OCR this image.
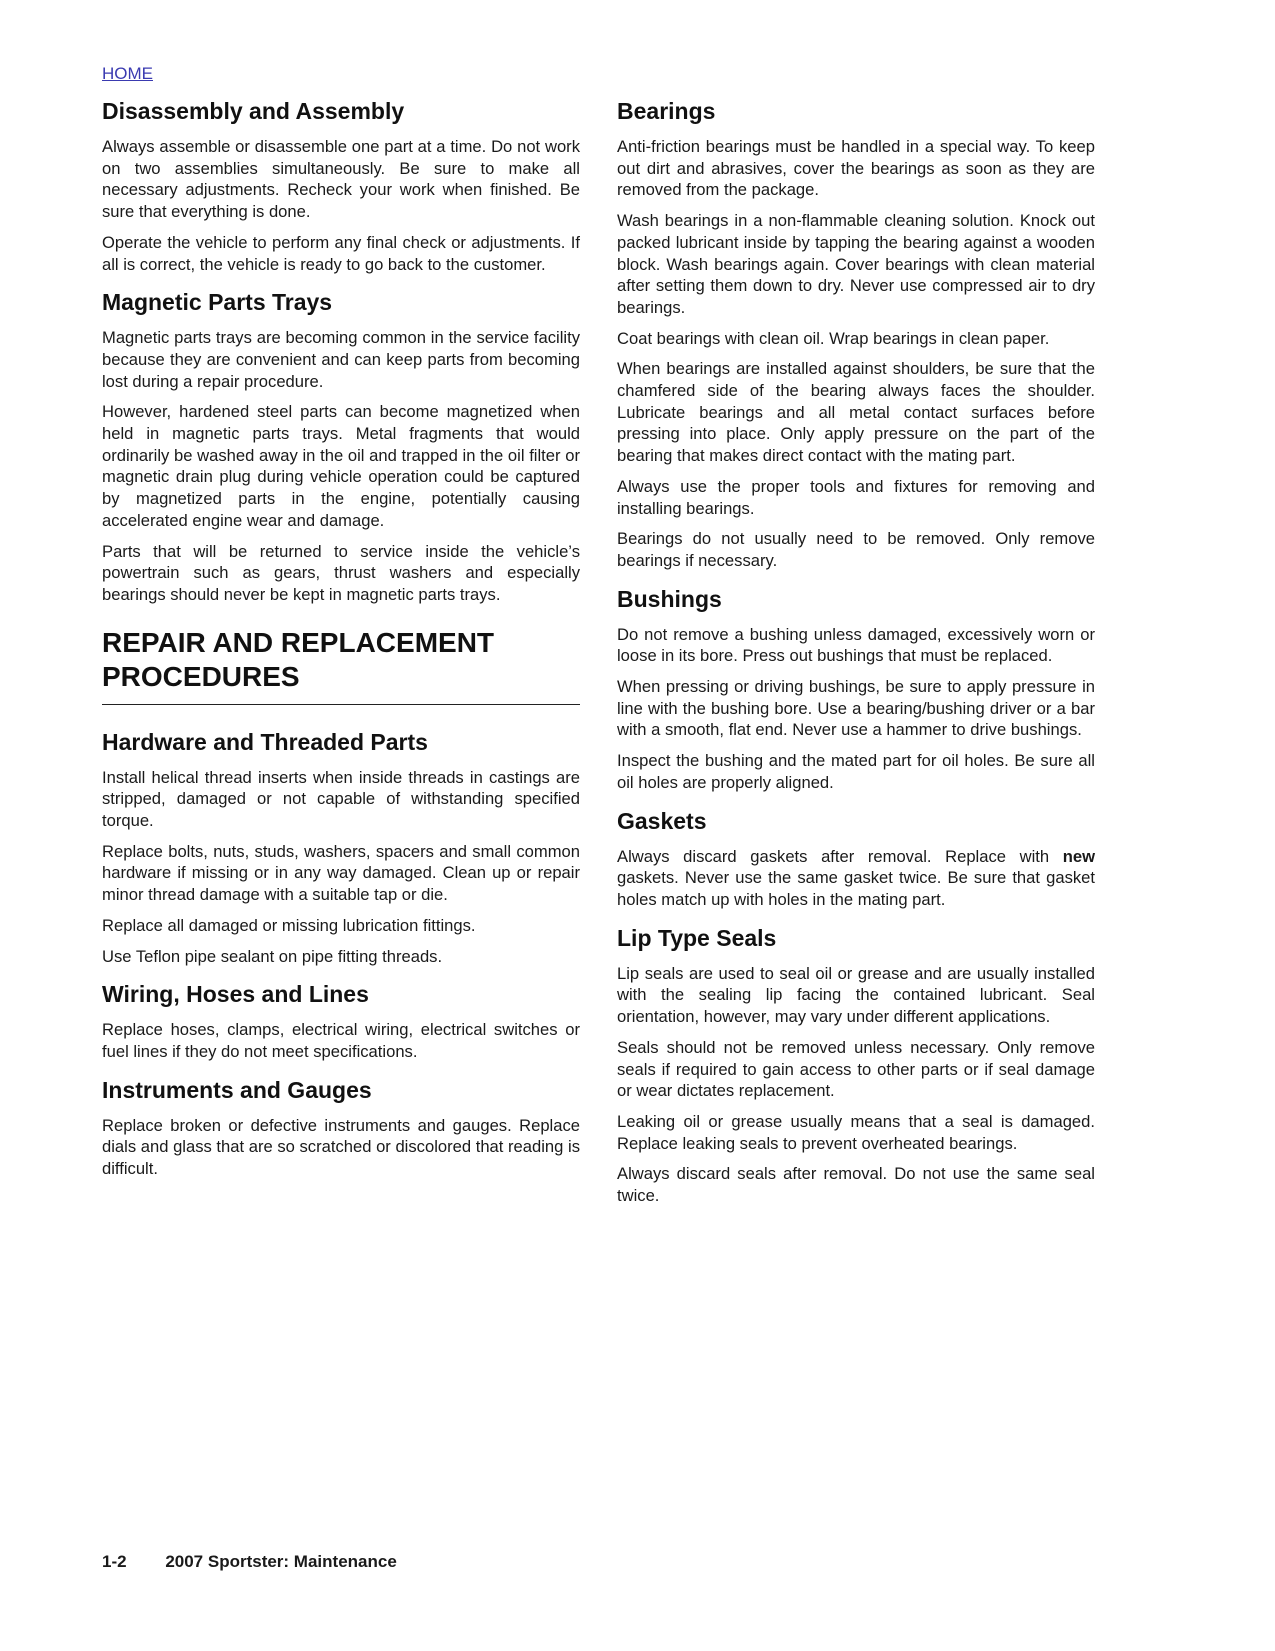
HOME
Disassembly and Assembly

Always assemble or disassemble one part at a time. Do not work on two assemblies simultaneously. Be sure to make all necessary adjustments. Recheck your work when finished. Be sure that everything is done.

Operate the vehicle to perform any final check or adjustments. If all is correct, the vehicle is ready to go back to the customer.

Magnetic Parts Trays

Magnetic parts trays are becoming common in the service facility because they are convenient and can keep parts from becoming lost during a repair procedure.

However, hardened steel parts can become magnetized when held in magnetic parts trays. Metal fragments that would ordinarily be washed away in the oil and trapped in the oil filter or magnetic drain plug during vehicle operation could be captured by magnetized parts in the engine, potentially causing accelerated engine wear and damage.

Parts that will be returned to service inside the vehicle’s powertrain such as gears, thrust washers and especially bearings should never be kept in magnetic parts trays.

REPAIR AND REPLACEMENT
PROCEDURES
Hardware and Threaded Parts

Install helical thread inserts when inside threads in castings are stripped, damaged or not capable of withstanding specified torque.

Replace bolts, nuts, studs, washers, spacers and small common hardware if missing or in any way damaged. Clean up or repair minor thread damage with a suitable tap or die.

Replace all damaged or missing lubrication fittings.

Use Teflon pipe sealant on pipe fitting threads.

Wiring, Hoses and Lines

Replace hoses, clamps, electrical wiring, electrical switches or fuel lines if they do not meet specifications.

Instruments and Gauges

Replace broken or defective instruments and gauges. Replace dials and glass that are so scratched or discolored that reading is difficult.

Bearings

Anti-friction bearings must be handled in a special way. To keep out dirt and abrasives, cover the bearings as soon as they are removed from the package.

Wash bearings in a non-flammable cleaning solution. Knock out packed lubricant inside by tapping the bearing against a wooden block. Wash bearings again. Cover bearings with clean material after setting them down to dry. Never use compressed air to dry bearings.

Coat bearings with clean oil. Wrap bearings in clean paper.

When bearings are installed against shoulders, be sure that the chamfered side of the bearing always faces the shoulder. Lubricate bearings and all metal contact surfaces before pressing into place. Only apply pressure on the part of the bearing that makes direct contact with the mating part.

Always use the proper tools and fixtures for removing and installing bearings.

Bearings do not usually need to be removed. Only remove bearings if necessary.

Bushings

Do not remove a bushing unless damaged, excessively worn or loose in its bore. Press out bushings that must be replaced.

When pressing or driving bushings, be sure to apply pressure in line with the bushing bore. Use a bearing/bushing driver or a bar with a smooth, flat end. Never use a hammer to drive bushings.

Inspect the bushing and the mated part for oil holes. Be sure all oil holes are properly aligned.

Gaskets

Always discard gaskets after removal. Replace with new gaskets. Never use the same gasket twice. Be sure that gasket holes match up with holes in the mating part.

Lip Type Seals

Lip seals are used to seal oil or grease and are usually installed with the sealing lip facing the contained lubricant. Seal orientation, however, may vary under different applications.

Seals should not be removed unless necessary. Only remove seals if required to gain access to other parts or if seal damage or wear dictates replacement.

Leaking oil or grease usually means that a seal is damaged. Replace leaking seals to prevent overheated bearings.

Always discard seals after removal. Do not use the same seal twice.

1-2 2007 Sportster: Maintenance
